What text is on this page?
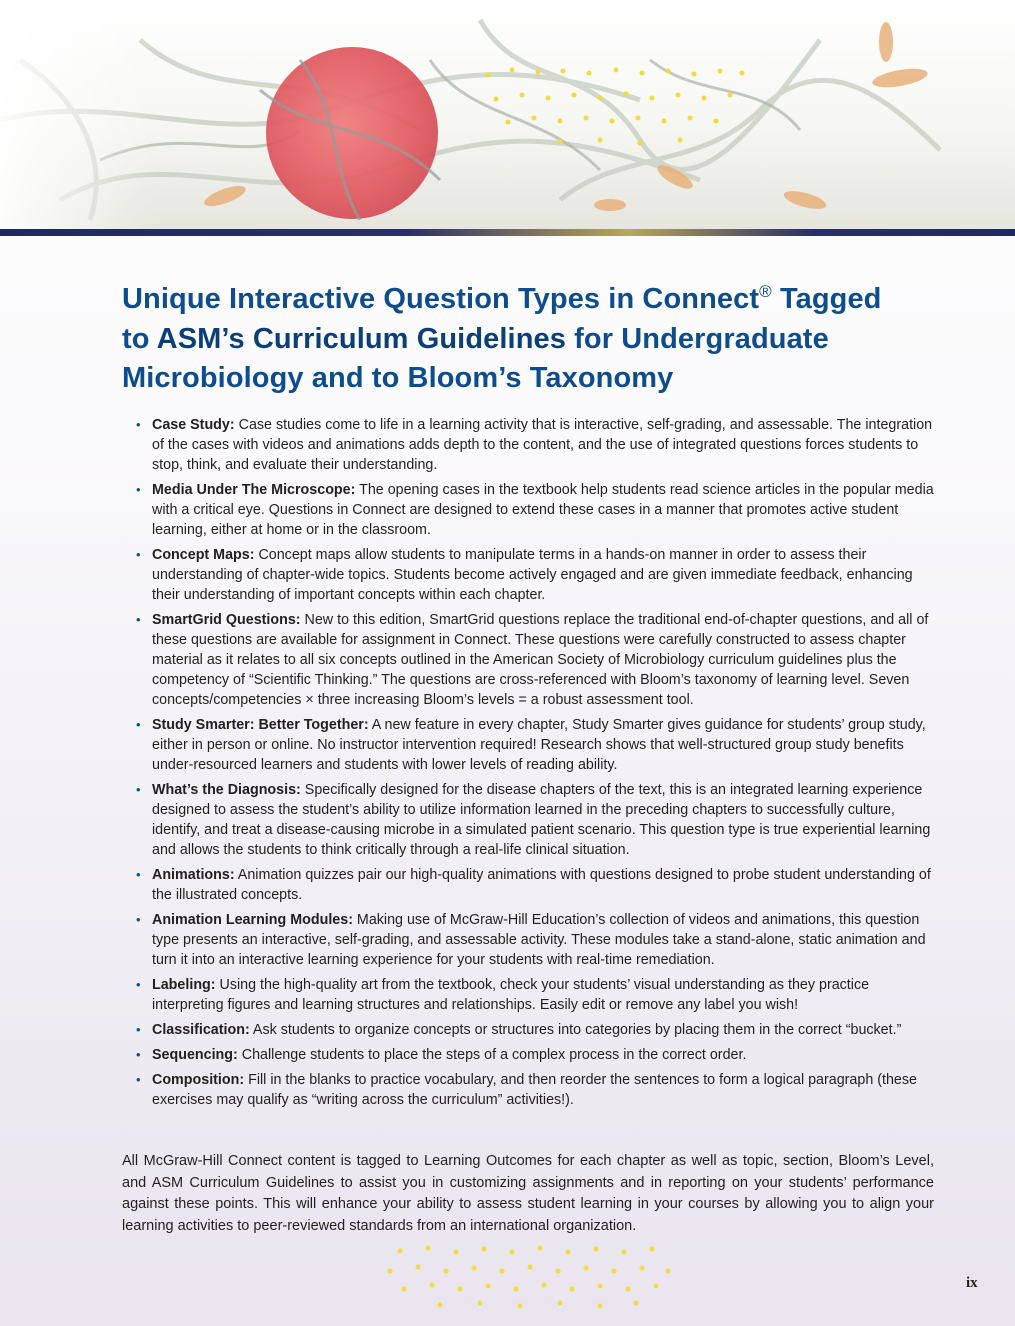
Unique Interactive Question Types in Connect® Tagged
to ASM’s Curriculum Guidelines for Undergraduate
Microbiology and to Bloom’s Taxonomy
• Case Study: Case studies come to life in a learning activity that is interactive, self-grading, and assessable. The integration of the cases with videos and animations adds depth to the content, and the use of integrated questions forces students to stop, think, and evaluate their understanding.
• Media Under The Microscope: The opening cases in the textbook help students read science articles in the popular media with a critical eye. Questions in Connect are designed to extend these cases in a manner that promotes active student learning, either at home or in the classroom.
• Concept Maps: Concept maps allow students to manipulate terms in a hands-on manner in order to assess their understanding of chapter-wide topics. Students become actively engaged and are given immediate feedback, enhancing their understanding of important concepts within each chapter.
• SmartGrid Questions: New to this edition, SmartGrid questions replace the traditional end-of-chapter questions, and all of these questions are available for assignment in Connect. These questions were carefully constructed to assess chapter material as it relates to all six concepts outlined in the American Society of Microbiology curriculum guidelines plus the competency of “Scientific Thinking.” The questions are cross-referenced with Bloom’s taxonomy of learning level. Seven concepts/competencies × three increasing Bloom’s levels = a robust assessment tool.
• Study Smarter: Better Together: A new feature in every chapter, Study Smarter gives guidance for students’ group study, either in person or online. No instructor intervention required! Research shows that well-structured group study benefits under-resourced learners and students with lower levels of reading ability.
• What’s the Diagnosis: Specifically designed for the disease chapters of the text, this is an integrated learning experience designed to assess the student’s ability to utilize information learned in the preceding chapters to successfully culture, identify, and treat a disease-causing microbe in a simulated patient scenario. This question type is true experiential learning and allows the students to think critically through a real-life clinical situation.
• Animations: Animation quizzes pair our high-quality animations with questions designed to probe student understanding of the illustrated concepts.
• Animation Learning Modules: Making use of McGraw-Hill Education’s collection of videos and animations, this question type presents an interactive, self-grading, and assessable activity. These modules take a stand-alone, static animation and turn it into an interactive learning experience for your students with real-time remediation.
• Labeling: Using the high-quality art from the textbook, check your students’ visual understanding as they practice interpreting figures and learning structures and relationships. Easily edit or remove any label you wish!
• Classification: Ask students to organize concepts or structures into categories by placing them in the correct “bucket.”
• Sequencing: Challenge students to place the steps of a complex process in the correct order.
• Composition: Fill in the blanks to practice vocabulary, and then reorder the sentences to form a logical paragraph (these exercises may qualify as “writing across the curriculum” activities!).

All McGraw-Hill Connect content is tagged to Learning Outcomes for each chapter as well as topic, section, Bloom’s Level, and ASM Curriculum Guidelines to assist you in customizing assignments and in reporting on your students’ performance against these points. This will enhance your ability to assess student learning in your courses by allowing you to align your learning activities to peer-reviewed standards from an international organization.

ix
